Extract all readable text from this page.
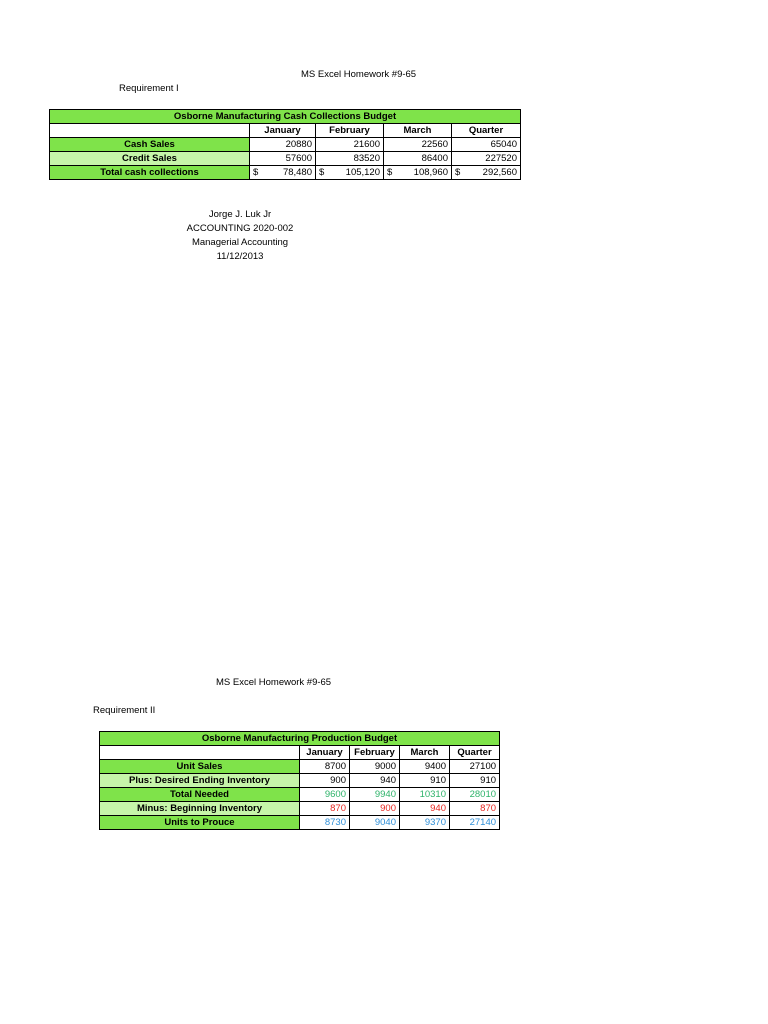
MS Excel Homework #9-65
Requirement I
Osborne Manufacturing Cash Collections Budget				
	January	February	March	Quarter
Cash Sales	20880	21600	22560	65040
Credit Sales	57600	83520	86400	227520
Total cash collections	$ 78,480	$ 105,120	$ 108,960	$ 292,560
Jorge J. Luk Jr
ACCOUNTING 2020-002
Managerial Accounting
11/12/2013
MS Excel Homework #9-65
Requirement II
Osborne Manufacturing Production Budget				
	January	February	March	Quarter
Unit Sales	8700	9000	9400	27100
Plus: Desired Ending Inventory	900	940	910	910
Total Needed	9600	9940	10310	28010
Minus: Beginning Inventory	870	900	940	870
Units to Prouce	8730	9040	9370	27140
